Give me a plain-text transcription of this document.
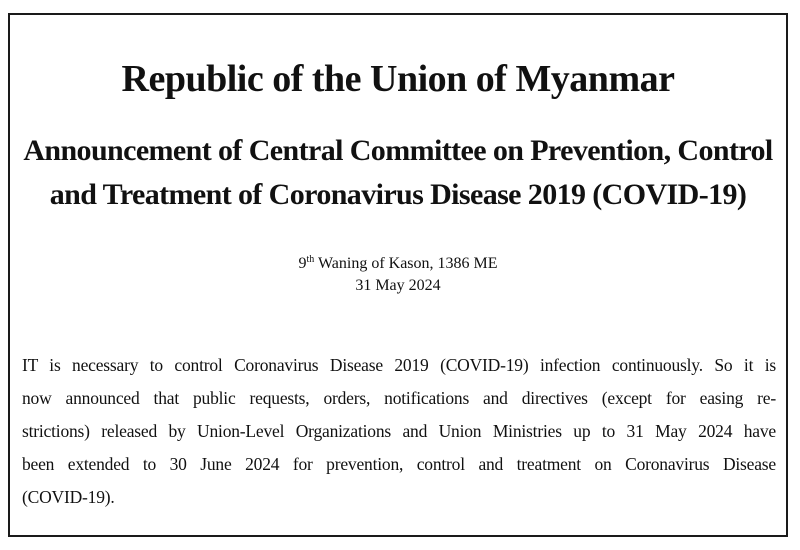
Republic of the Union of Myanmar
Announcement of Central Committee on Prevention, Control
and Treatment of Coronavirus Disease 2019 (COVID-19)
9th Waning of Kason, 1386 ME
31 May 2024
IT is necessary to control Coronavirus Disease 2019 (COVID-19) infection continuously. So it is
now announced that public requests, orders, notifications and directives (except for easing re-
strictions) released by Union-Level Organizations and Union Ministries up to 31 May 2024 have
been extended to 30 June 2024 for prevention, control and treatment on Coronavirus Disease
(COVID-19).
